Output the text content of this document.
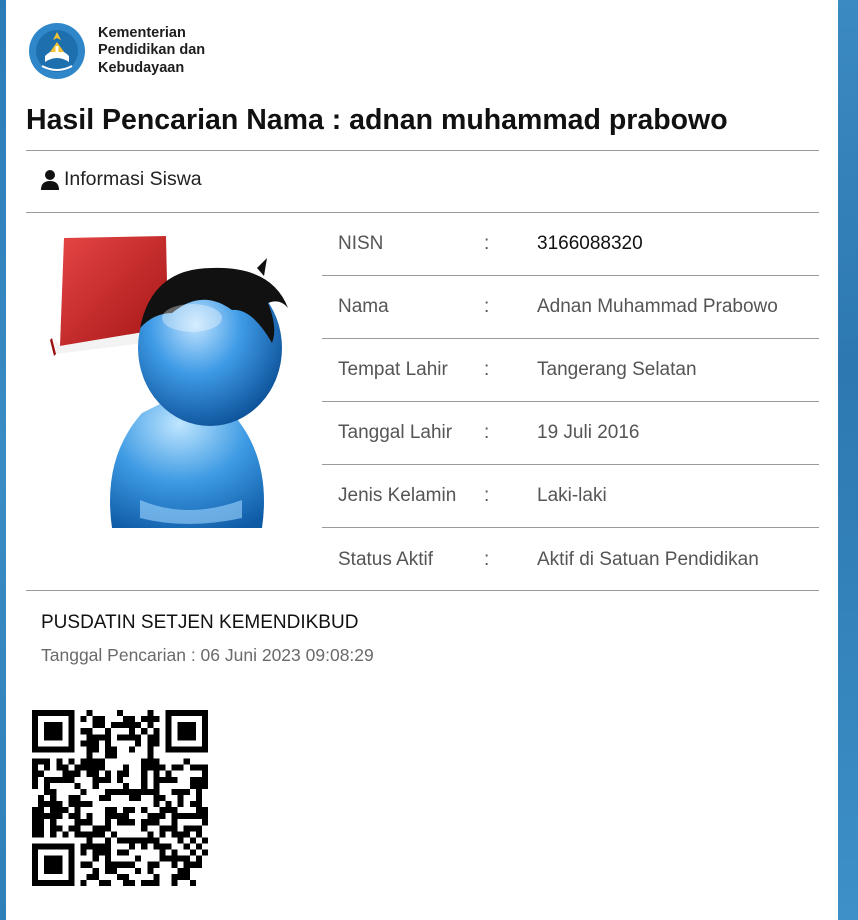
Kementerian Pendidikan dan Kebudayaan
Hasil Pencarian Nama : adnan muhammad prabowo
Informasi Siswa
NISN	:	3166088320
Nama	:	Adnan Muhammad Prabowo
Tempat Lahir	:	Tangerang Selatan
Tanggal Lahir	:	19 Juli 2016
Jenis Kelamin	:	Laki-laki
Status Aktif	:	Aktif di Satuan Pendidikan
PUSDATIN SETJEN KEMENDIKBUD
Tanggal Pencarian : 06 Juni 2023 09:08:29
